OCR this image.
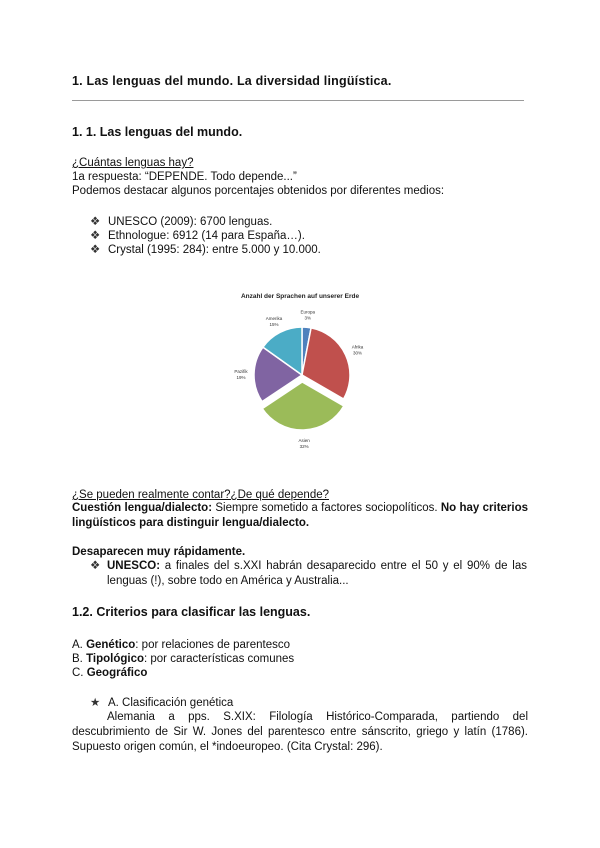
1. Las lenguas del mundo. La diversidad lingüística.
1. 1. Las lenguas del mundo.
¿Cuántas lenguas hay?
1a respuesta: “DEPENDE. Todo depende...”
Podemos destacar algunos porcentajes obtenidos por diferentes medios:
❖ UNESCO (2009): 6700 lenguas.
❖ Ethnologue: 6912 (14 para España…).
❖ Crystal (1995: 284): entre 5.000 y 10.000.
Anzahl der Sprachen auf unserer Erde
Europa
3%
Afrika
30%
Asien
32%
Pazifik
19%
Amerika
15%
¿Se pueden realmente contar?¿De qué depende?
Cuestión lengua/dialecto: Siempre sometido a factores sociopolíticos. No hay criterios lingüísticos para distinguir lengua/dialecto.
Desaparecen muy rápidamente.
❖ UNESCO: a finales del s.XXI habrán desaparecido entre el 50 y el 90% de las lenguas (!), sobre todo en América y Australia...
1.2. Criterios para clasificar las lenguas.
A. Genético: por relaciones de parentesco
B. Tipológico: por características comunes
C. Geográfico
★ A. Clasificación genética
Alemania a pps. S.XIX: Filología Histórico-Comparada, partiendo del descubrimiento de Sir W. Jones del parentesco entre sánscrito, griego y latín (1786). Supuesto origen común, el *indoeuropeo. (Cita Crystal: 296).
